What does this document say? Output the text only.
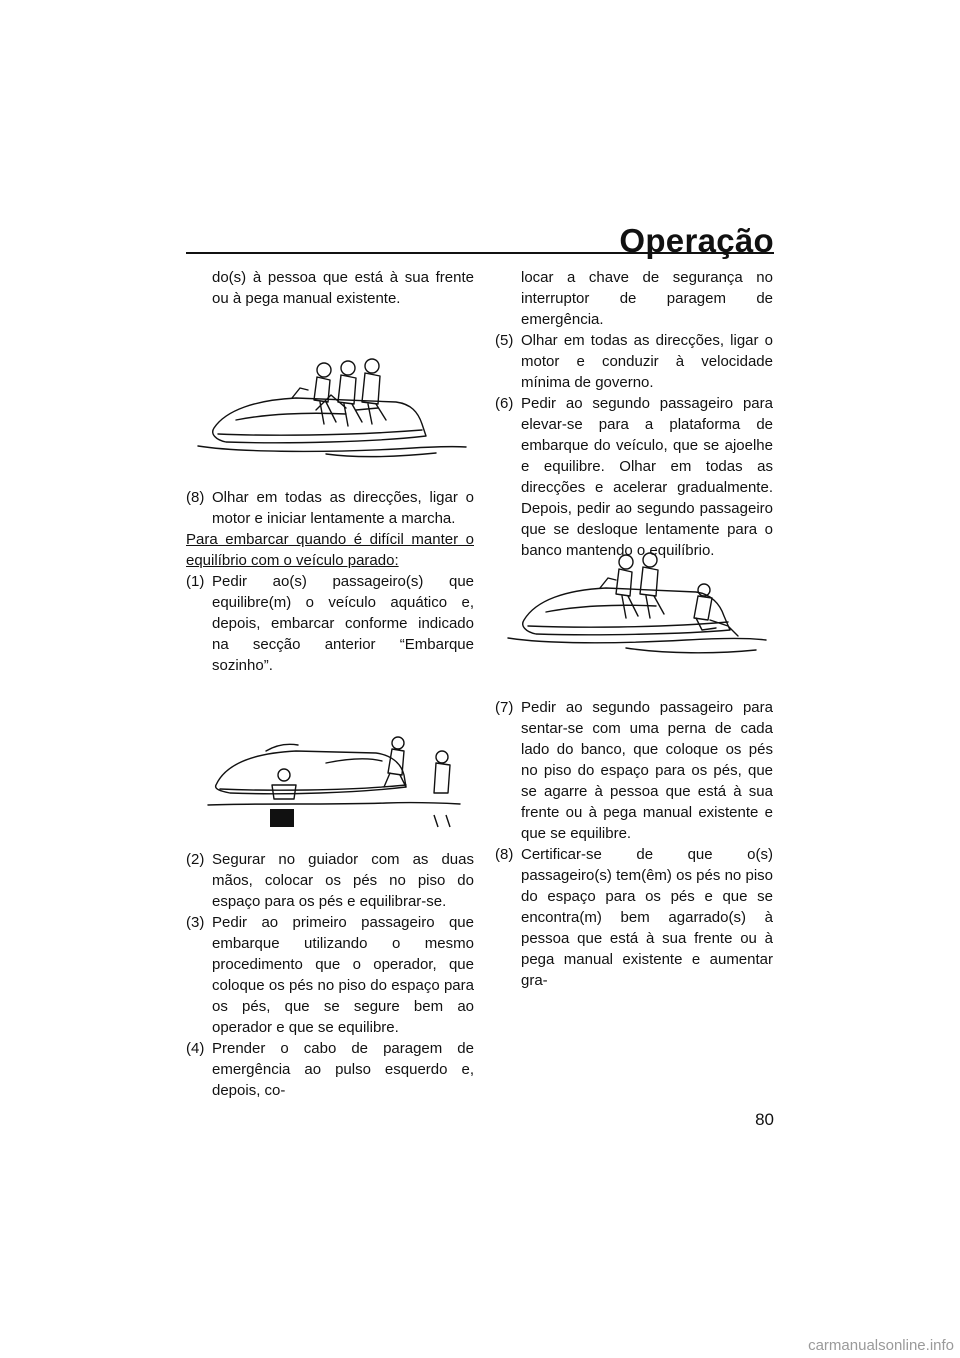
Operação
do(s) à pessoa que está à sua frente ou à pega manual existente.
(8) Olhar em todas as direcções, ligar o motor e iniciar lentamente a marcha.
Para embarcar quando é difícil manter o
equilíbrio com o veículo parado:
(1) Pedir ao(s) passageiro(s) que equilibre(m) o veículo aquático e, depois, embarcar conforme indicado na secção anterior “Embarque sozinho”.
(2) Segurar no guiador com as duas mãos, colocar os pés no piso do espaço para os pés e equilibrar-se.
(3) Pedir ao primeiro passageiro que embarque utilizando o mesmo procedimento que o operador, que coloque os pés no piso do espaço para os pés, que se segure bem ao operador e que se equilibre.
(4) Prender o cabo de paragem de emergência ao pulso esquerdo e, depois, co-
locar a chave de segurança no interruptor de paragem de emergência.
(5) Olhar em todas as direcções, ligar o motor e conduzir à velocidade mínima de governo.
(6) Pedir ao segundo passageiro para elevar-se para a plataforma de embarque do veículo, que se ajoelhe e equilibre. Olhar em todas as direcções e acelerar gradualmente. Depois, pedir ao segundo passageiro que se desloque lentamente para o banco mantendo o equilíbrio.
(7) Pedir ao segundo passageiro para sentar-se com uma perna de cada lado do banco, que coloque os pés no piso do espaço para os pés, que se agarre à pessoa que está à sua frente ou à pega manual existente e que se equilibre.
(8) Certificar-se de que o(s) passageiro(s) tem(êm) os pés no piso do espaço para os pés e que se encontra(m) bem agarrado(s) à pessoa que está à sua frente ou à pega manual existente e aumentar gra-
80
carmanualsonline.info
